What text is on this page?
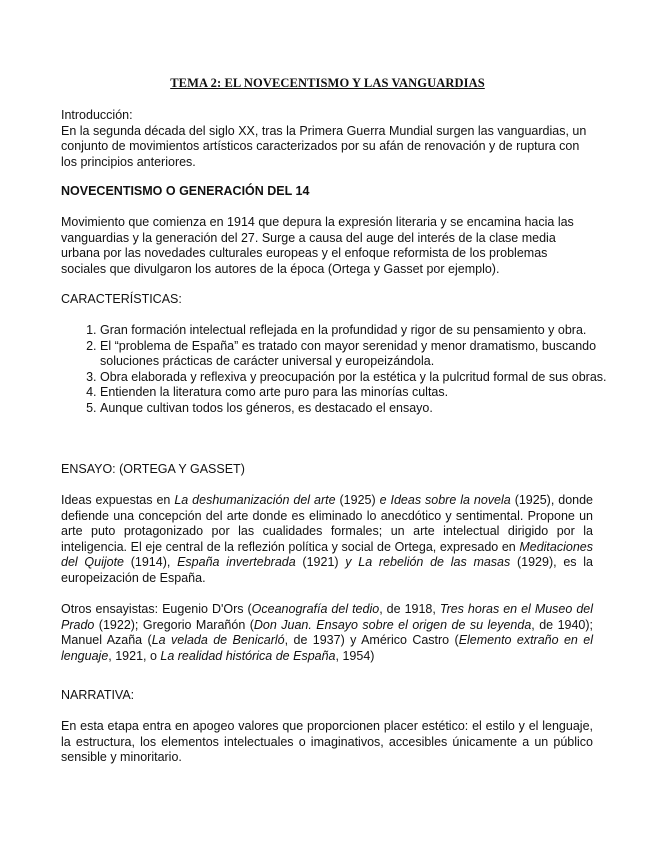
TEMA 2: EL NOVECENTISMO Y LAS VANGUARDIAS

Introducción:

En la segunda década del siglo XX, tras la Primera Guerra Mundial surgen las vanguardias, un conjunto de movimientos artísticos caracterizados por su afán de renovación y de ruptura con los principios anteriores.

NOVECENTISMO O GENERACIÓN DEL 14

Movimiento que comienza en 1914 que depura la expresión literaria y se encamina hacia las vanguardias y la generación del 27. Surge a causa del auge del interés de la clase media urbana por las novedades culturales europeas y el enfoque reformista de los problemas sociales que divulgaron los autores de la época (Ortega y Gasset por ejemplo).

CARACTERÍSTICAS:

1. Gran formación intelectual reflejada en la profundidad y rigor de su pensamiento y obra.
2. El “problema de España” es tratado con mayor serenidad y menor dramatismo, buscando soluciones prácticas de carácter universal y europeizándola.
3. Obra elaborada y reflexiva y preocupación por la estética y la pulcritud formal de sus obras.
4. Entienden la literatura como arte puro para las minorías cultas.
5. Aunque cultivan todos los géneros, es destacado el ensayo.

ENSAYO: (ORTEGA Y GASSET)

Ideas expuestas en La deshumanización del arte (1925) e Ideas sobre la novela (1925), donde defiende una concepción del arte donde es eliminado lo anecdótico y sentimental. Propone un arte puto protagonizado por las cualidades formales; un arte intelectual dirigido por la inteligencia. El eje central de la reflezión política y social de Ortega, expresado en Meditaciones del Quijote (1914), España invertebrada (1921) y La rebelión de las masas (1929), es la europeización de España.

Otros ensayistas: Eugenio D'Ors (Oceanografía del tedio, de 1918, Tres horas en el Museo del Prado (1922); Gregorio Marañón (Don Juan. Ensayo sobre el origen de su leyenda, de 1940); Manuel Azaña (La velada de Benicarló, de 1937) y Américo Castro (Elemento extraño en el lenguaje, 1921, o La realidad histórica de España, 1954)

NARRATIVA:

En esta etapa entra en apogeo valores que proporcionen placer estético: el estilo y el lenguaje, la estructura, los elementos intelectuales o imaginativos, accesibles únicamente a un público sensible y minoritario.
